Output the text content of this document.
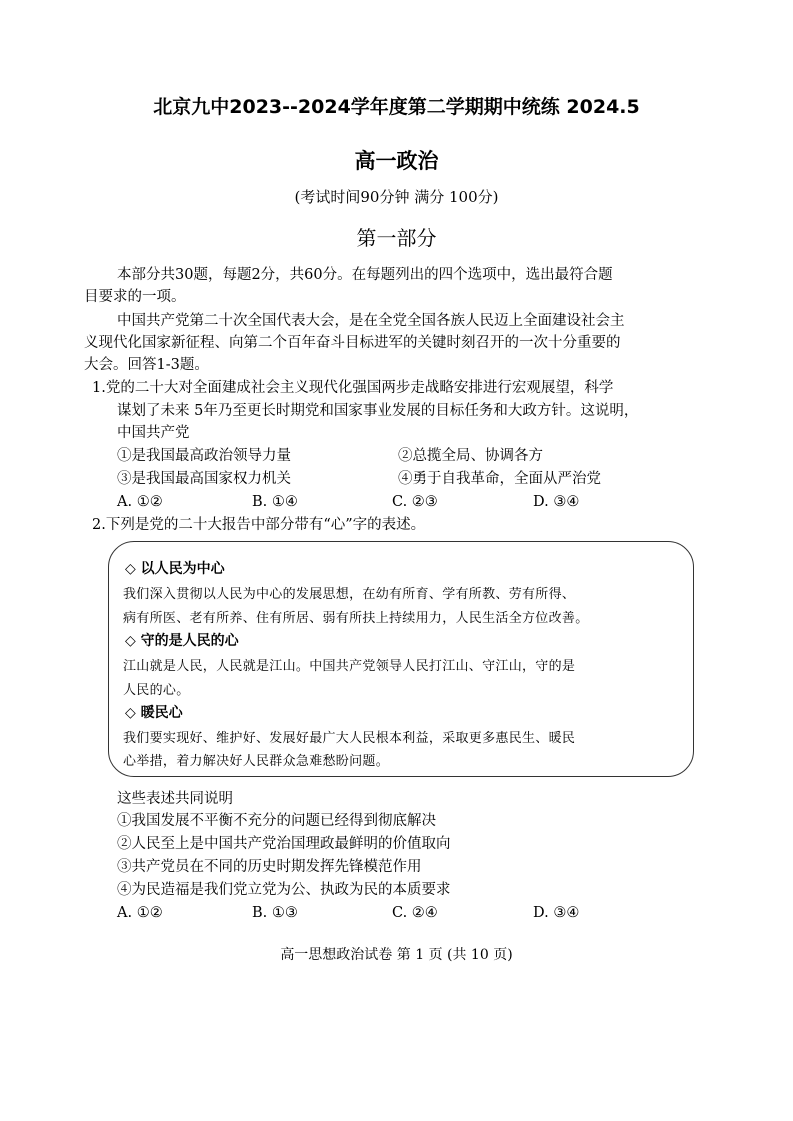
北京九中2023--2024学年度第二学期期中统练 2024.5
高一政治
(考试时间90分钟 满分 100分)
第一部分
本部分共30题，每题2分，共60分。在每题列出的四个选项中，选出最符合题
目要求的一项。
中国共产党第二十次全国代表大会，是在全党全国各族人民迈上全面建设社会主
义现代化国家新征程、向第二个百年奋斗目标进军的关键时刻召开的一次十分重要的
大会。回答1-3题。
1.党的二十大对全面建成社会主义现代化强国两步走战略安排进行宏观展望，科学
谋划了未来 5年乃至更长时期党和国家事业发展的目标任务和大政方针。这说明，
中国共产党
①是我国最高政治领导力量	②总揽全局、协调各方
③是我国最高国家权力机关	④勇于自我革命，全面从严治党
A. ①②	B. ①④	C. ②③	D. ③④
2.下列是党的二十大报告中部分带有“心”字的表述。
◇ 以人民为中心
我们深入贯彻以人民为中心的发展思想，在幼有所育、学有所教、劳有所得、
病有所医、老有所养、住有所居、弱有所扶上持续用力，人民生活全方位改善。
◇ 守的是人民的心
江山就是人民，人民就是江山。中国共产党领导人民打江山、守江山，守的是
人民的心。
◇ 暖民心
我们要实现好、维护好、发展好最广大人民根本利益，采取更多惠民生、暖民
心举措，着力解决好人民群众急难愁盼问题。
这些表述共同说明
①我国发展不平衡不充分的问题已经得到彻底解决
②人民至上是中国共产党治国理政最鲜明的价值取向
③共产党员在不同的历史时期发挥先锋模范作用
④为民造福是我们党立党为公、执政为民的本质要求
A. ①②	B. ①③	C. ②④	D. ③④
高一思想政治试卷 第 1 页 (共 10 页)
